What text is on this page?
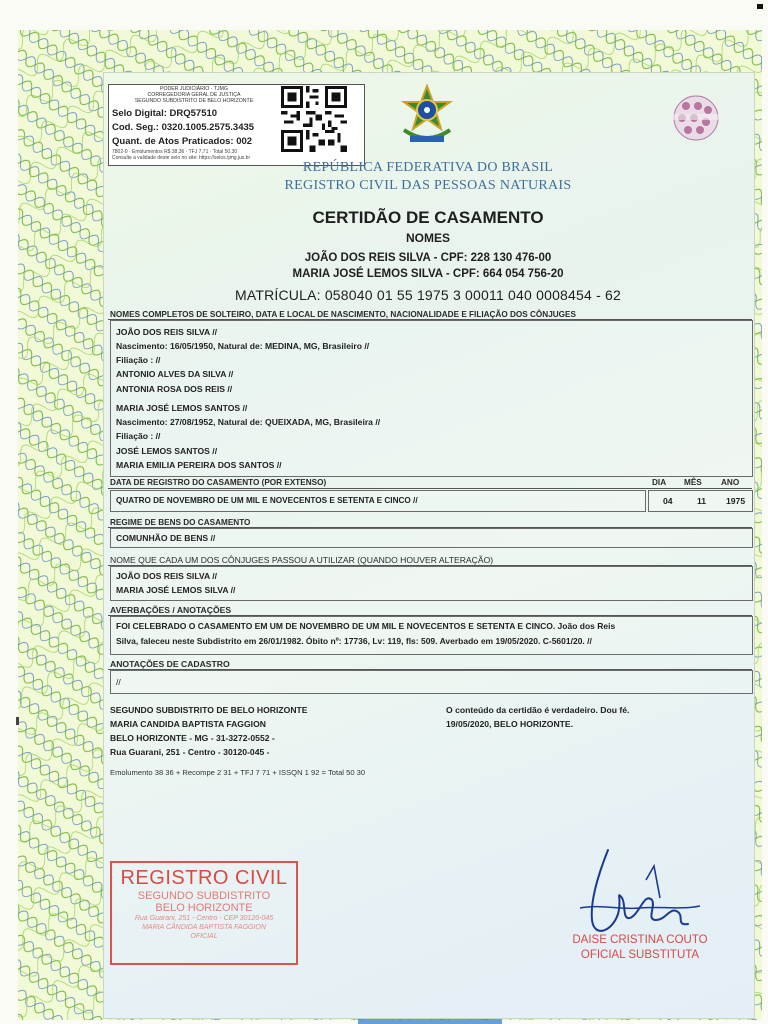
PODER JUDICIÁRIO - TJMG
CORREGEDORIA GERAL DE JUSTIÇA
SEGUNDO SUBDISTRITO DE BELO HORIZONTE
Selo Digital: DRQ57510
Cod. Seg.: 0320.1005.2575.3435
Quant. de Atos Praticados: 002
7802-0 · Emolumentos R$ 38,36 · TFJ 7,71 · Total 50,30
Consulte a validade deste selo no site: https://selos.tjmg.jus.br
REPÚBLICA FEDERATIVA DO BRASIL
REGISTRO CIVIL DAS PESSOAS NATURAIS
CERTIDÃO DE CASAMENTO
NOMES
JOÃO DOS REIS SILVA - CPF: 228 130 476-00
MARIA JOSÉ LEMOS SILVA - CPF: 664 054 756-20
MATRÍCULA: 058040 01 55 1975 3 00011 040 0008454 - 62
NOMES COMPLETOS DE SOLTEIRO, DATA E LOCAL DE NASCIMENTO, NACIONALIDADE E FILIAÇÃO DOS CÔNJUGES
JOÃO DOS REIS SILVA //
Nascimento: 16/05/1950, Natural de: MEDINA, MG, Brasileiro //
Filiação : //
ANTONIO ALVES DA SILVA //
ANTONIA ROSA DOS REIS //
MARIA JOSÉ LEMOS SANTOS //
Nascimento: 27/08/1952, Natural de: QUEIXADA, MG, Brasileira //
Filiação : //
JOSÉ LEMOS SANTOS //
MARIA EMILIA PEREIRA DOS SANTOS //
DATA DE REGISTRO DO CASAMENTO (POR EXTENSO)	DIA MÊS ANO
QUATRO DE NOVEMBRO DE UM MIL E NOVECENTOS E SETENTA E CINCO //	04	11 1975
REGIME DE BENS DO CASAMENTO
COMUNHÃO DE BENS //
NOME QUE CADA UM DOS CÔNJUGES PASSOU A UTILIZAR (QUANDO HOUVER ALTERAÇÃO)
JOÃO DOS REIS SILVA //
MARIA JOSÉ LEMOS SILVA //
AVERBAÇÕES / ANOTAÇÕES
FOI CELEBRADO O CASAMENTO EM UM DE NOVEMBRO DE UM MIL E NOVECENTOS E SETENTA E CINCO. João dos Reis
Silva, faleceu neste Subdistrito em 26/01/1982. Óbito nº: 17736, Lv: 119, fls: 509. Averbado em 19/05/2020. C-5601/20. //
ANOTAÇÕES DE CADASTRO
//
SEGUNDO SUBDISTRITO DE BELO HORIZONTE
MARIA CANDIDA BAPTISTA FAGGION
BELO HORIZONTE - MG - 31-3272-0552 -
Rua Guarani, 251 - Centro - 30120-045 -
O conteúdo da certidão é verdadeiro. Dou fé.
19/05/2020, BELO HORIZONTE.
Emolumento 38 36 + Recompe 2 31 + TFJ 7 71 + ISSQN 1 92 = Total 50 30
REGISTRO CIVIL
SEGUNDO SUBDISTRITO
BELO HORIZONTE
Rua Guarani, 251 - Centro - CEP 30120-045
MARIA CÂNDIDA BAPTISTA FAGGION
OFICIAL	DAISE CRISTINA COUTO
OFICIAL SUBSTITUTA
